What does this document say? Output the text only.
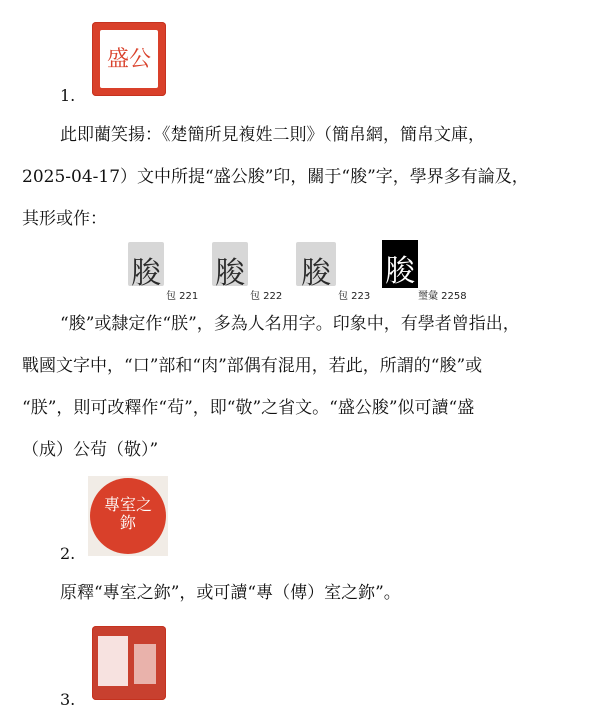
盛公
1.
此即藺笑揚：《楚簡所見複姓二則》（簡帛網，簡帛文庫，
2025-04-17）文中所提“盛公脧”印，關于“脧”字，學界多有論及，
其形或作：
脧
包 221
脧
包 222
脧
包 223
脧
璽彙 2258
“脧”或隸定作“朕”，多為人名用字。印象中，有學者曾指出，
戰國文字中，“口”部和“肉”部偶有混用，若此，所謂的“脧”或
“朕”，則可改釋作“茍”，即“敬”之省文。“盛公脧”似可讀“盛
（成）公茍（敬）”
專室之鉨
2.
原釋“專室之鉨”，或可讀“專（傳）室之鉨”。
3.
